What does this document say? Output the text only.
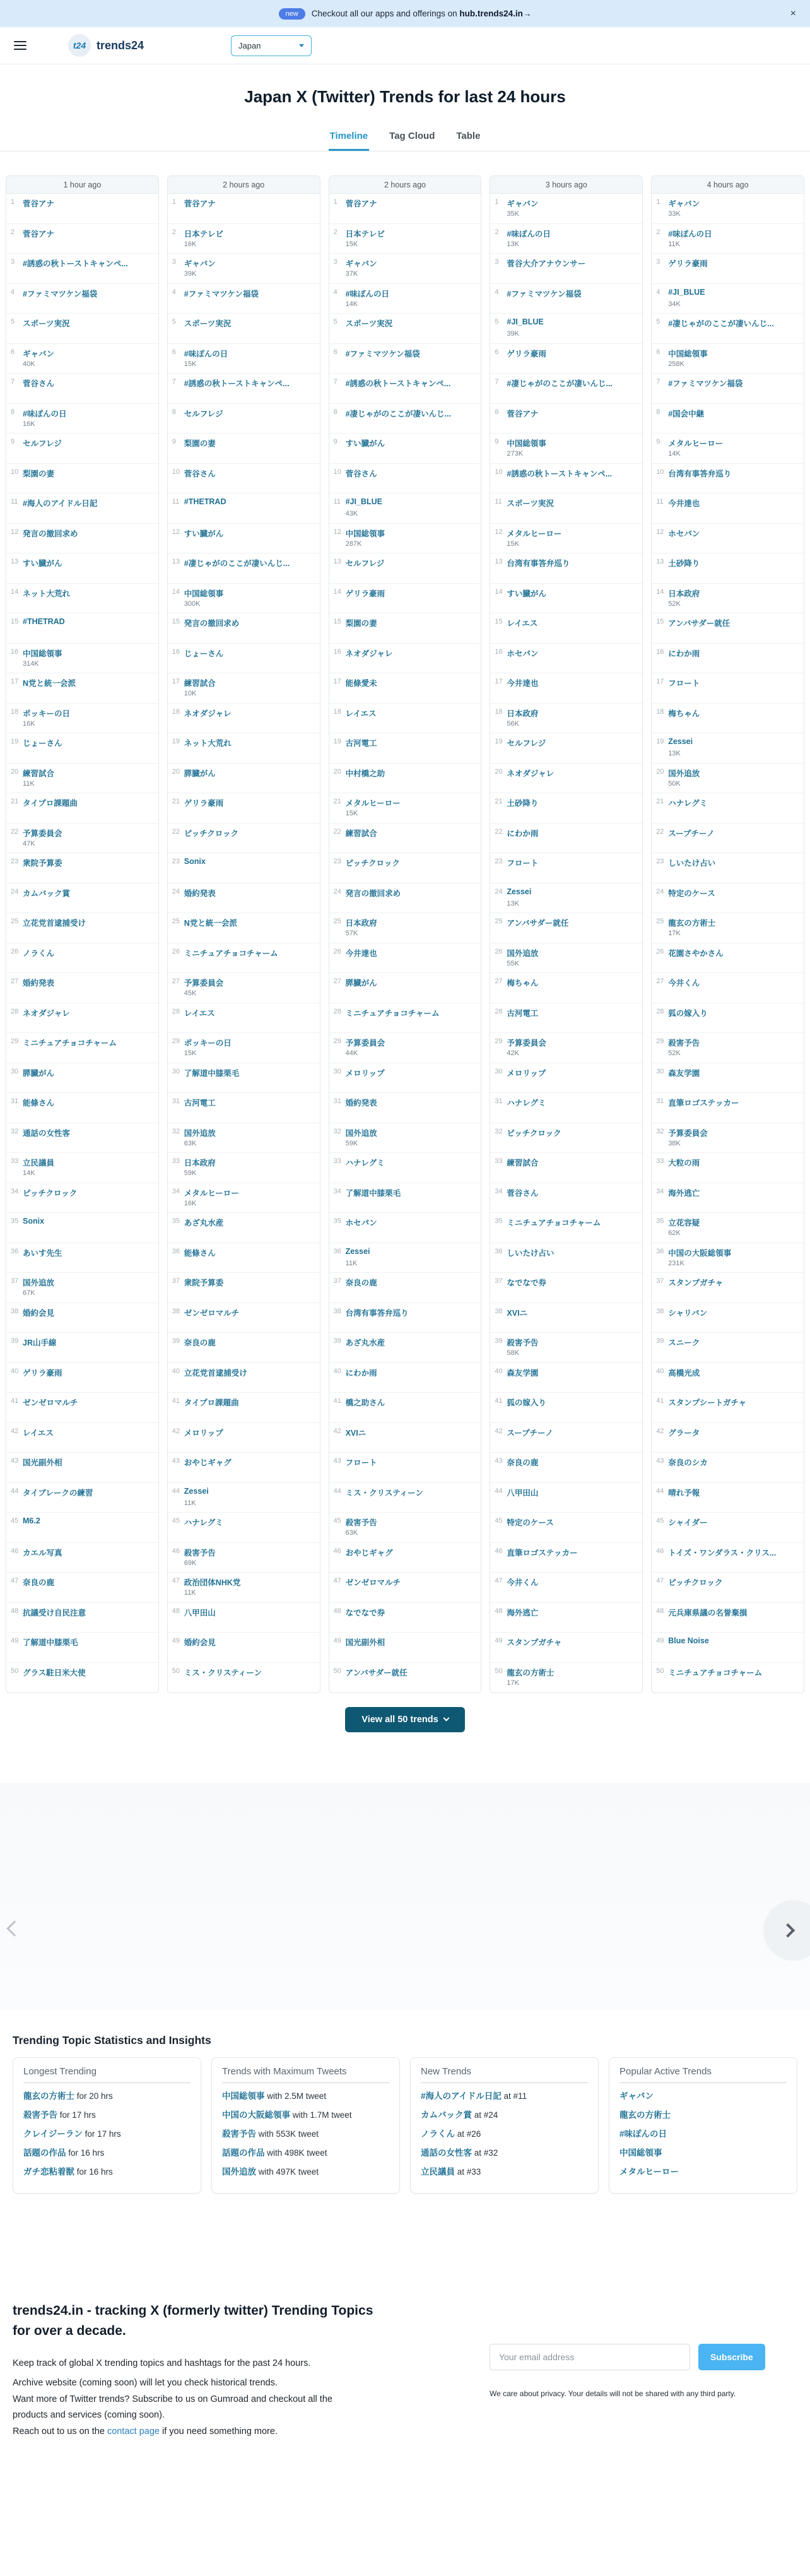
new	Checkout all our apps and offerings on hub.trends24.in→	×
t24 trends24	Japan
Japan X (Twitter) Trends for last 24 hours
Timeline Tag Cloud Table
1 hour ago
1 菅谷アナ
2 菅谷アナ
3 #誘惑の秋トーストキャンペ...
4 #ファミマツケン福袋
5 スポーツ実況
6 ギャバン
40K
7 菅谷さん
8 #味ぽんの日
16K
9 セルフレジ
10 梨園の妻
11 #海人のアイドル日記
12 発言の撤回求め
13 すい臓がん
14 ネット大荒れ
15 #THETRAD
16 中国総領事
314K
17 N党と統一会派
18 ポッキーの日
16K
19 じょーさん
20 練習試合
11K
21 タイプロ課題曲
22 予算委員会
47K
23 衆院予算委
24 カムバック賞
25 立花党首逮捕受け
26 ノラくん
27 婚約発表
28 ネオダジャレ
29 ミニチュアチョコチャーム
30 膵臓がん
31 能條さん
32 通話の女性客
33 立民議員
14K
34 ピッチクロック
35 Sonix
36 あいす先生
37 国外追放
67K
38 婚約会見
39 JR山手線
40 ゲリラ豪雨
41 ゼンゼロマルチ
42 レイエス
43 国光副外相
44 タイブレークの練習
45 M6.2
46 カエル写真
47 奈良の鹿
48 抗議受け自民注意
49 了解道中膝栗毛
50 グラス駐日米大使
2 hours ago
1 菅谷アナ
2 日本テレビ
16K
3 ギャバン
39K
4 #ファミマツケン福袋
5 スポーツ実況
6 #味ぽんの日
15K
7 #誘惑の秋トーストキャンペ...
8 セルフレジ
9 梨園の妻
10 菅谷さん
11 #THETRAD
12 すい臓がん
13 #凄じゃがのここが凄いんじ...
14 中国総領事
300K
15 発言の撤回求め
16 じょーさん
17 練習試合
10K
18 ネオダジャレ
19 ネット大荒れ
20 膵臓がん
21 ゲリラ豪雨
22 ピッチクロック
23 Sonix
24 婚約発表
25 N党と統一会派
26 ミニチュアチョコチャーム
27 予算委員会
45K
28 レイエス
29 ポッキーの日
15K
30 了解道中膝栗毛
31 古河電工
32 国外追放
63K
33 日本政府
59K
34 メタルヒーロー
16K
35 あざ丸水産
36 能條さん
37 衆院予算委
38 ゼンゼロマルチ
39 奈良の鹿
40 立花党首逮捕受け
41 タイプロ課題曲
42 メロリップ
43 おやじギャグ
44 Zessei
11K
45 ハナレグミ
46 殺害予告
69K
47 政治団体NHK党
11K
48 八甲田山
49 婚約会見
50 ミス・クリスティーン
2 hours ago
1 菅谷アナ
2 日本テレビ
15K
3 ギャバン
37K
4 #味ぽんの日
14K
5 スポーツ実況
6 #ファミマツケン福袋
7 #誘惑の秋トーストキャンペ...
8 #凄じゃがのここが凄いんじ...
9 すい臓がん
10 菅谷さん
11 #JI_BLUE
43K
12 中国総領事
287K
13 セルフレジ
14 ゲリラ豪雨
15 梨園の妻
16 ネオダジャレ
17 能條愛未
18 レイエス
19 古河電工
20 中村橋之助
21 メタルヒーロー
15K
22 練習試合
23 ピッチクロック
24 発言の撤回求め
25 日本政府
57K
26 今井達也
27 膵臓がん
28 ミニチュアチョコチャーム
29 予算委員会
44K
30 メロリップ
31 婚約発表
32 国外追放
59K
33 ハナレグミ
34 了解道中膝栗毛
35 ホセパン
36 Zessei
11K
37 奈良の鹿
38 台湾有事答弁巡り
39 あざ丸水産
40 にわか雨
41 橋之助さん
42 XVIニ
43 フロート
44 ミス・クリスティーン
45 殺害予告
63K
46 おやじギャグ
47 ゼンゼロマルチ
48 なでなで券
49 国光副外相
50 アンバサダー就任
3 hours ago
1 ギャバン
35K
2 #味ぽんの日
13K
3 菅谷大介アナウンサー
4 #ファミマツケン福袋
5 #JI_BLUE
39K
6 ゲリラ豪雨
7 #凄じゃがのここが凄いんじ...
8 菅谷アナ
9 中国総領事
273K
10 #誘惑の秋トーストキャンペ...
11 スポーツ実況
12 メタルヒーロー
15K
13 台湾有事答弁巡り
14 すい臓がん
15 レイエス
16 ホセパン
17 今井達也
18 日本政府
56K
19 セルフレジ
20 ネオダジャレ
21 土砂降り
22 にわか雨
23 フロート
24 Zessei
13K
25 アンバサダー就任
26 国外追放
55K
27 梅ちゃん
28 古河電工
29 予算委員会
42K
30 メロリップ
31 ハナレグミ
32 ピッチクロック
33 練習試合
34 菅谷さん
35 ミニチュアチョコチャーム
36 しいたけ占い
37 なでなで券
38 XVIニ
39 殺害予告
58K
40 森友学園
41 狐の嫁入り
42 スープチーノ
43 奈良の鹿
44 八甲田山
45 特定のケース
46 直筆ロゴステッカー
47 今井くん
48 海外逃亡
49 スタンプガチャ
50 龍玄の方術士
17K
4 hours ago
1 ギャバン
33K
2 #味ぽんの日
11K
3 ゲリラ豪雨
4 #JI_BLUE
34K
5 #凄じゃがのここが凄いんじ...
6 中国総領事
258K
7 #ファミマツケン福袋
8 #国会中継
9 メタルヒーロー
14K
10 台湾有事答弁巡り
11 今井達也
12 ホセパン
13 土砂降り
14 日本政府
52K
15 アンバサダー就任
16 にわか雨
17 フロート
18 梅ちゃん
19 Zessei
13K
20 国外追放
50K
21 ハナレグミ
22 スープチーノ
23 しいたけ占い
24 特定のケース
25 龍玄の方術士
17K
26 花園さやかさん
27 今井くん
28 狐の嫁入り
29 殺害予告
52K
30 森友学園
31 直筆ロゴステッカー
32 予算委員会
38K
33 大粒の雨
34 海外逃亡
35 立花容疑
62K
36 中国の大阪総領事
231K
37 スタンプガチャ
38 シャリバン
39 スニーク
40 高橋光成
41 スタンプシートガチャ
42 グラータ
43 奈良のシカ
44 晴れ予報
45 シャイダー
46 トイズ・ワンダラス・クリス...
47 ピッチクロック
48 元兵庫県議の名誉棄損
49 Blue Noise
50 ミニチュアチョコチャーム
View all 50 trends
Trending Topic Statistics and Insights
Longest Trending
龍玄の方術士 for 20 hrs
殺害予告 for 17 hrs
クレイジーラン for 17 hrs
話題の作品 for 16 hrs
ガチ恋粘着獣 for 16 hrs
Trends with Maximum Tweets
中国総領事 with 2.5M tweet
中国の大阪総領事 with 1.7M tweet
殺害予告 with 553K tweet
話題の作品 with 498K tweet
国外追放 with 497K tweet
New Trends
#海人のアイドル日記 at #11
カムバック賞 at #24
ノラくん at #26
通話の女性客 at #32
立民議員 at #33
Popular Active Trends
ギャバン
龍玄の方術士
#味ぽんの日
中国総領事
メタルヒーロー
trends24.in - tracking X (formerly twitter) Trending Topics for over a decade.

Keep track of global X trending topics and hashtags for the past 24 hours.

Archive website (coming soon) will let you check historical trends.

Want more of Twitter trends? Subscribe to us on Gumroad and checkout all the products and services (coming soon).

Reach out to us on the contact page if you need something more.

Your email address
Subscribe
We care about privacy. Your details will not be shared with any third party.
